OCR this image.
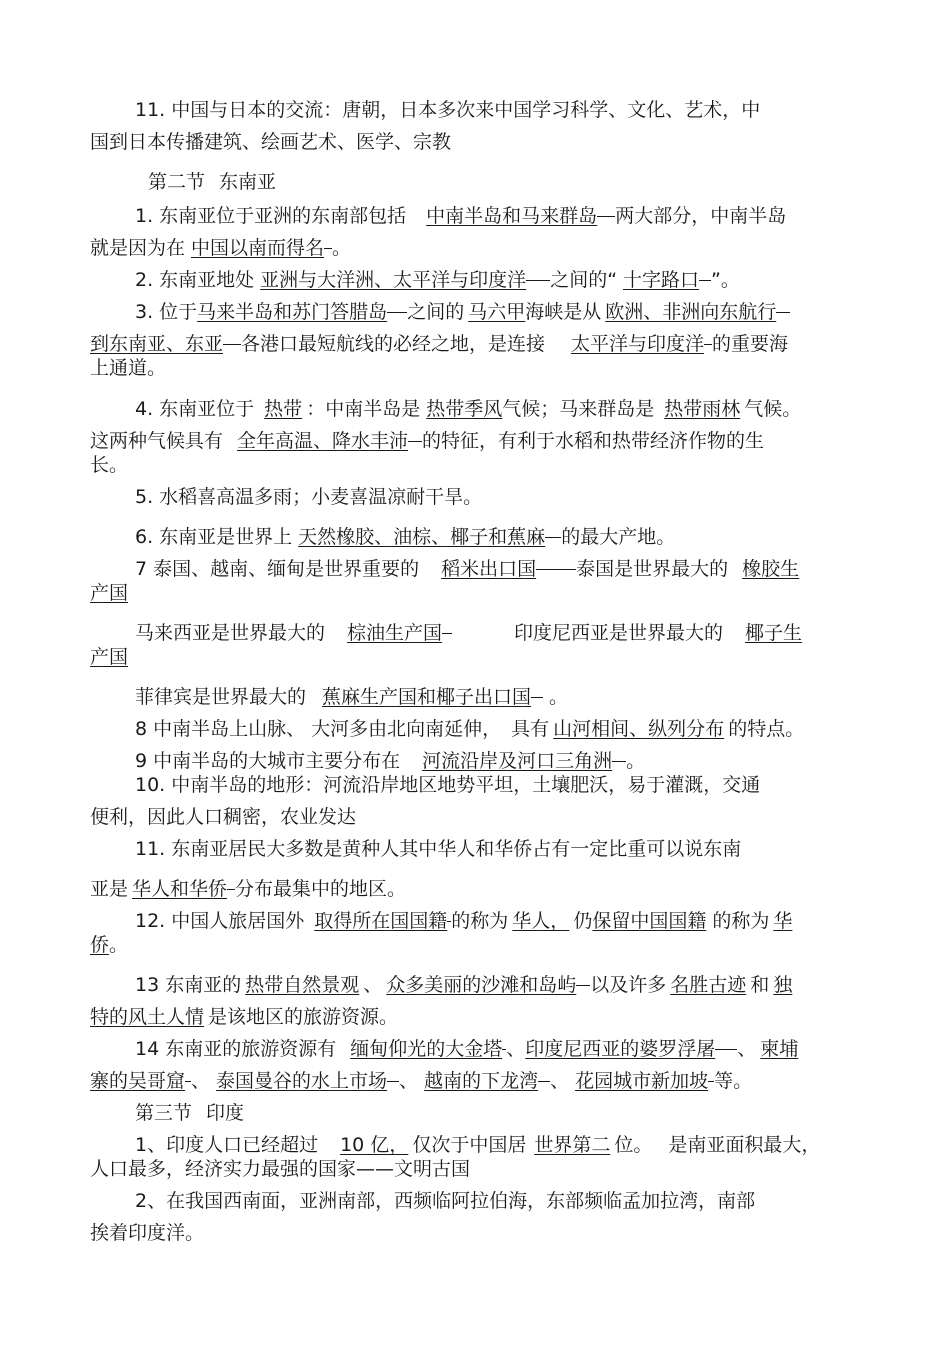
11. 中国与日本的交流：唐朝，日本多次来中国学习科学、文化、艺术，中
国到日本传播建筑、绘画艺术、医学、宗教
第二节 东南亚
1. 东南亚位于亚洲的东南部包括 中南半岛和马来群岛 两大部分，中南半岛
就是因为在 中国以南而得名 。
2. 东南亚地处 亚洲与大洋洲、太平洋与印度洋 之间的“ 十字路口 ”。
3. 位于马来半岛和苏门答腊岛 之间的 马六甲海峡是从 欧洲、非洲向东航行
到东南亚、东亚 各港口最短航线的必经之地，是连接 太平洋与印度洋 的重要海
上通道。
4. 东南亚位于 热带 ：中南半岛是 热带季风气候；马来群岛是 热带雨林 气候。
这两种气候具有 全年高温、降水丰沛 的特征，有利于水稻和热带经济作物的生
长。
5. 水稻喜高温多雨；小麦喜温凉耐干旱。
6. 东南亚是世界上 天然橡胶、油棕、椰子和蕉麻 的最大产地。
7 泰国、越南、缅甸是世界重要的 稻米出口国 泰国是世界最大的 橡胶生
产国
马来西亚是世界最大的 棕油生产国	印度尼西亚是世界最大的 椰子生
产国
菲律宾是世界最大的 蕉麻生产国和椰子出口国 。
8 中南半岛上山脉、 大河多由北向南延伸， 具有 山河相间、纵列分布 的特点。
9 中南半岛的大城市主要分布在 河流沿岸及河口三角洲 。
10. 中南半岛的地形：河流沿岸地区地势平坦，土壤肥沃，易于灌溉，交通
便利，因此人口稠密，农业发达
11. 东南亚居民大多数是黄种人其中华人和华侨占有一定比重可以说东南
亚是 华人和华侨 分布最集中的地区。
12. 中国人旅居国外 取得所在国国籍 的称为 华人， 仍保留中国国籍 的称为 华
侨。
13 东南亚的 热带自然景观 、 众多美丽的沙滩和岛屿 以及许多 名胜古迹 和 独
特的风土人情 是该地区的旅游资源。
14 东南亚的旅游资源有 缅甸仰光的大金塔 、印度尼西亚的婆罗浮屠 、 柬埔
寨的吴哥窟 、 泰国曼谷的水上市场 、 越南的下龙湾 、 花园城市新加坡 等。
第三节 印度
1、印度人口已经超过 10 亿， 仅次于中国居 世界第二 位。 是南亚面积最大，
人口最多，经济实力最强的国家——文明古国
2、在我国西南面，亚洲南部，西频临阿拉伯海，东部频临孟加拉湾，南部
挨着印度洋。
